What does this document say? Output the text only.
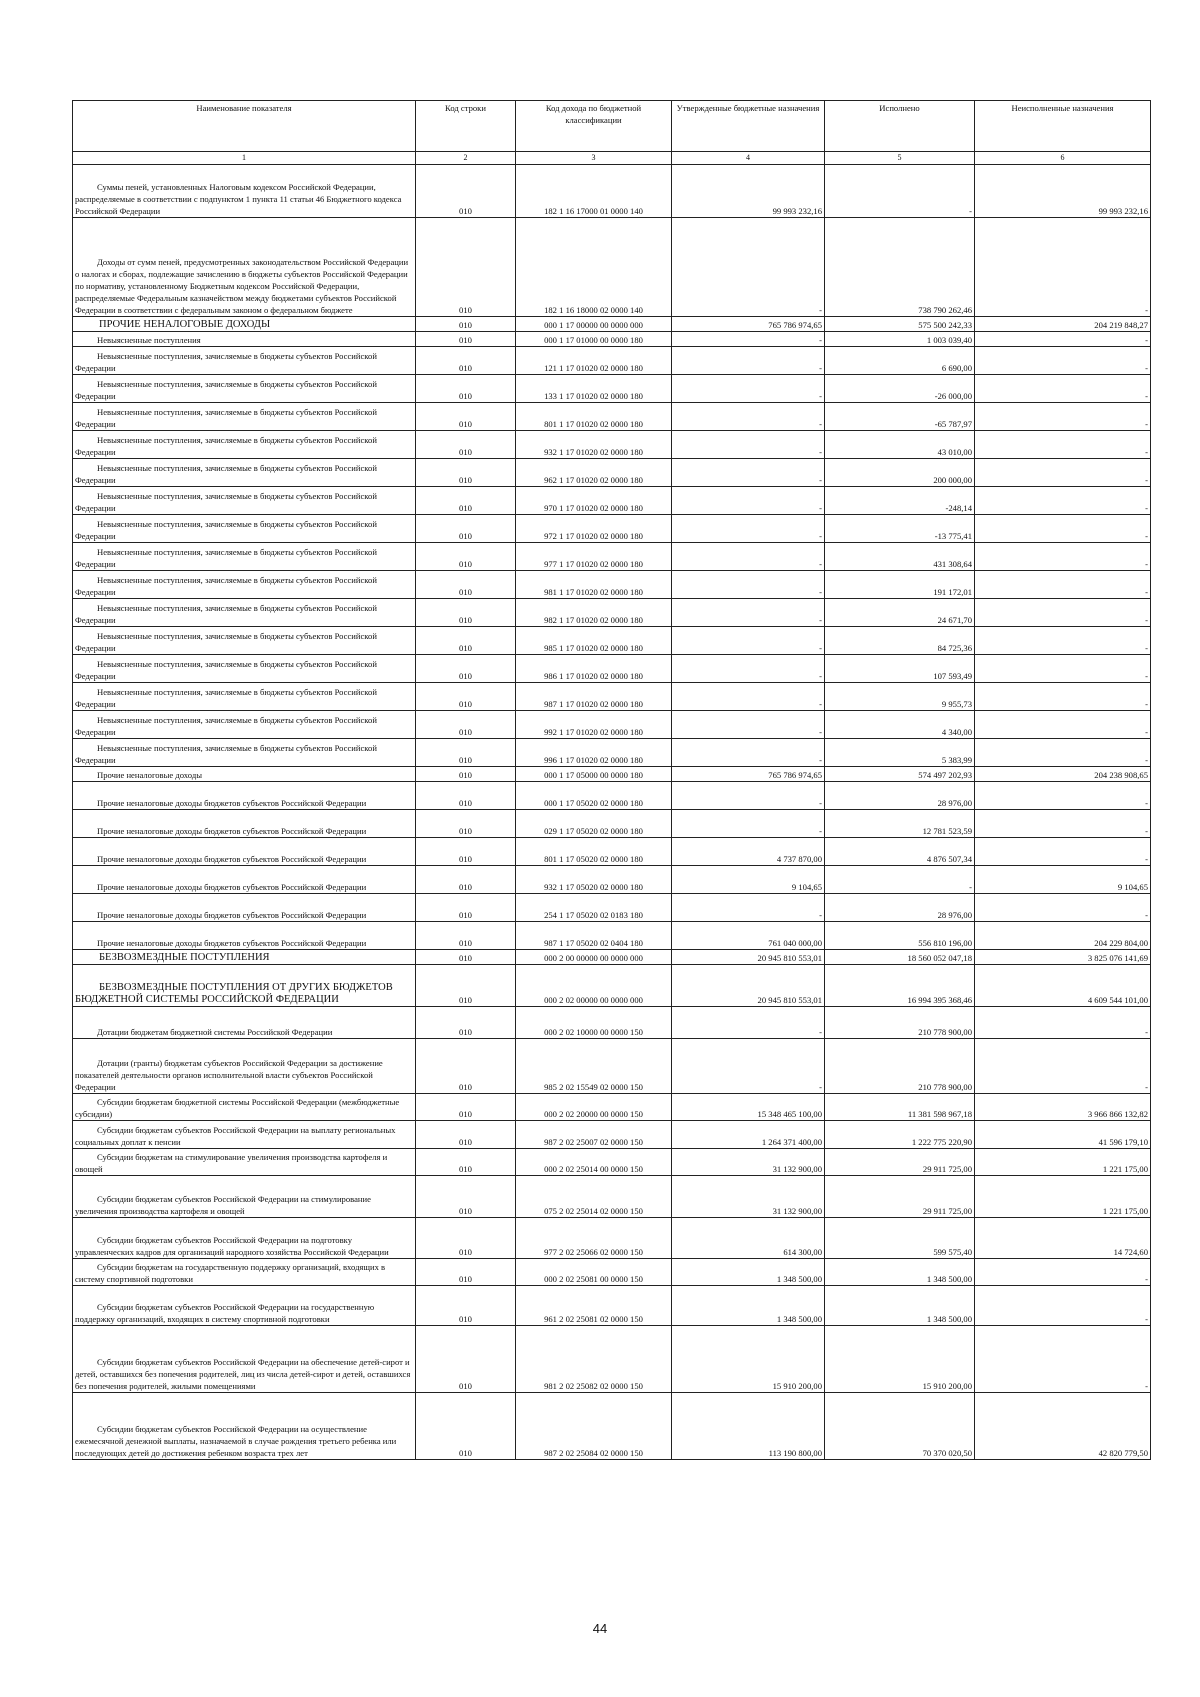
Наименование показателя	Код строки	Код дохода по бюджетной классификации	Утвержденные бюджетные назначения	Исполнено	Неисполненные назначения
1	2	3	4	5	6

Суммы пеней, установленных Налоговым кодексом Российской Федерации, распределяемые в соответствии с подпунктом 1 пункта 11 статьи 46 Бюджетного кодекса Российской Федерации	010	182 1 16 17000 01 0000 140	99 993 232,16	-	99 993 232,16

Доходы от сумм пеней, предусмотренных законодательством Российской Федерации о налогах и сборах, подлежащие зачислению в бюджеты субъектов Российской Федерации по нормативу, установленному Бюджетным кодексом Российской Федерации, распределяемые Федеральным казначейством между бюджетами субъектов Российской Федерации в соответствии с федеральным законом о федеральном бюджете	010	182 1 16 18000 02 0000 140	-	738 790 262,46	-

ПРОЧИЕ НЕНАЛОГОВЫЕ ДОХОДЫ	010	000 1 17 00000 00 0000 000	765 786 974,65	575 500 242,33	204 219 848,27

Невыясненные поступления	010	000 1 17 01000 00 0000 180	-	1 003 039,40	-

Невыясненные поступления, зачисляемые в бюджеты субъектов Российской Федерации	010	121 1 17 01020 02 0000 180	-	6 690,00	-

Невыясненные поступления, зачисляемые в бюджеты субъектов Российской Федерации	010	133 1 17 01020 02 0000 180	-	-26 000,00	-

Невыясненные поступления, зачисляемые в бюджеты субъектов Российской Федерации	010	801 1 17 01020 02 0000 180	-	-65 787,97	-

Невыясненные поступления, зачисляемые в бюджеты субъектов Российской Федерации	010	932 1 17 01020 02 0000 180	-	43 010,00	-

Невыясненные поступления, зачисляемые в бюджеты субъектов Российской Федерации	010	962 1 17 01020 02 0000 180	-	200 000,00	-

Невыясненные поступления, зачисляемые в бюджеты субъектов Российской Федерации	010	970 1 17 01020 02 0000 180	-	-248,14	-

Невыясненные поступления, зачисляемые в бюджеты субъектов Российской Федерации	010	972 1 17 01020 02 0000 180	-	-13 775,41	-

Невыясненные поступления, зачисляемые в бюджеты субъектов Российской Федерации	010	977 1 17 01020 02 0000 180	-	431 308,64	-

Невыясненные поступления, зачисляемые в бюджеты субъектов Российской Федерации	010	981 1 17 01020 02 0000 180	-	191 172,01	-

Невыясненные поступления, зачисляемые в бюджеты субъектов Российской Федерации	010	982 1 17 01020 02 0000 180	-	24 671,70	-

Невыясненные поступления, зачисляемые в бюджеты субъектов Российской Федерации	010	985 1 17 01020 02 0000 180	-	84 725,36	-

Невыясненные поступления, зачисляемые в бюджеты субъектов Российской Федерации	010	986 1 17 01020 02 0000 180	-	107 593,49	-

Невыясненные поступления, зачисляемые в бюджеты субъектов Российской Федерации	010	987 1 17 01020 02 0000 180	-	9 955,73	-

Невыясненные поступления, зачисляемые в бюджеты субъектов Российской Федерации	010	992 1 17 01020 02 0000 180	-	4 340,00	-

Невыясненные поступления, зачисляемые в бюджеты субъектов Российской Федерации	010	996 1 17 01020 02 0000 180	-	5 383,99	-

Прочие неналоговые доходы	010	000 1 17 05000 00 0000 180	765 786 974,65	574 497 202,93	204 238 908,65

Прочие неналоговые доходы бюджетов субъектов Российской Федерации	010	000 1 17 05020 02 0000 180	-	28 976,00	-

Прочие неналоговые доходы бюджетов субъектов Российской Федерации	010	029 1 17 05020 02 0000 180	-	12 781 523,59	-

Прочие неналоговые доходы бюджетов субъектов Российской Федерации	010	801 1 17 05020 02 0000 180	4 737 870,00	4 876 507,34	-

Прочие неналоговые доходы бюджетов субъектов Российской Федерации	010	932 1 17 05020 02 0000 180	9 104,65	-	9 104,65

Прочие неналоговые доходы бюджетов субъектов Российской Федерации	010	254 1 17 05020 02 0183 180	-	28 976,00	-

Прочие неналоговые доходы бюджетов субъектов Российской Федерации	010	987 1 17 05020 02 0404 180	761 040 000,00	556 810 196,00	204 229 804,00

БЕЗВОЗМЕЗДНЫЕ ПОСТУПЛЕНИЯ	010	000 2 00 00000 00 0000 000	20 945 810 553,01	18 560 052 047,18	3 825 076 141,69

БЕЗВОЗМЕЗДНЫЕ ПОСТУПЛЕНИЯ ОТ ДРУГИХ БЮДЖЕТОВ БЮДЖЕТНОЙ СИСТЕМЫ РОССИЙСКОЙ ФЕДЕРАЦИИ	010	000 2 02 00000 00 0000 000	20 945 810 553,01	16 994 395 368,46	4 609 544 101,00

Дотации бюджетам бюджетной системы Российской Федерации	010	000 2 02 10000 00 0000 150	-	210 778 900,00	-

Дотации (гранты) бюджетам субъектов Российской Федерации за достижение показателей деятельности органов исполнительной власти субъектов Российской Федерации	010	985 2 02 15549 02 0000 150	-	210 778 900,00	-

Субсидии бюджетам бюджетной системы Российской Федерации (межбюджетные субсидии)	010	000 2 02 20000 00 0000 150	15 348 465 100,00	11 381 598 967,18	3 966 866 132,82

Субсидии бюджетам субъектов Российской Федерации на выплату региональных социальных доплат к пенсии	010	987 2 02 25007 02 0000 150	1 264 371 400,00	1 222 775 220,90	41 596 179,10

Субсидии бюджетам на стимулирование увеличения производства картофеля и овощей	010	000 2 02 25014 00 0000 150	31 132 900,00	29 911 725,00	1 221 175,00

Субсидии бюджетам субъектов Российской Федерации на стимулирование увеличения производства картофеля и овощей	010	075 2 02 25014 02 0000 150	31 132 900,00	29 911 725,00	1 221 175,00

Субсидии бюджетам субъектов Российской Федерации на подготовку управленческих кадров для организаций народного хозяйства Российской Федерации	010	977 2 02 25066 02 0000 150	614 300,00	599 575,40	14 724,60

Субсидии бюджетам на государственную поддержку организаций, входящих в систему спортивной подготовки	010	000 2 02 25081 00 0000 150	1 348 500,00	1 348 500,00	-

Субсидии бюджетам субъектов Российской Федерации на государственную поддержку организаций, входящих в систему спортивной подготовки	010	961 2 02 25081 02 0000 150	1 348 500,00	1 348 500,00	-

Субсидии бюджетам субъектов Российской Федерации на обеспечение детей-сирот и детей, оставшихся без попечения родителей, лиц из числа детей-сирот и детей, оставшихся без попечения родителей, жилыми помещениями	010	981 2 02 25082 02 0000 150	15 910 200,00	15 910 200,00	-

Субсидии бюджетам субъектов Российской Федерации на осуществление ежемесячной денежной выплаты, назначаемой в случае рождения третьего ребенка или последующих детей до достижения ребенком возраста трех лет	010	987 2 02 25084 02 0000 150	113 190 800,00	70 370 020,50	42 820 779,50
44
